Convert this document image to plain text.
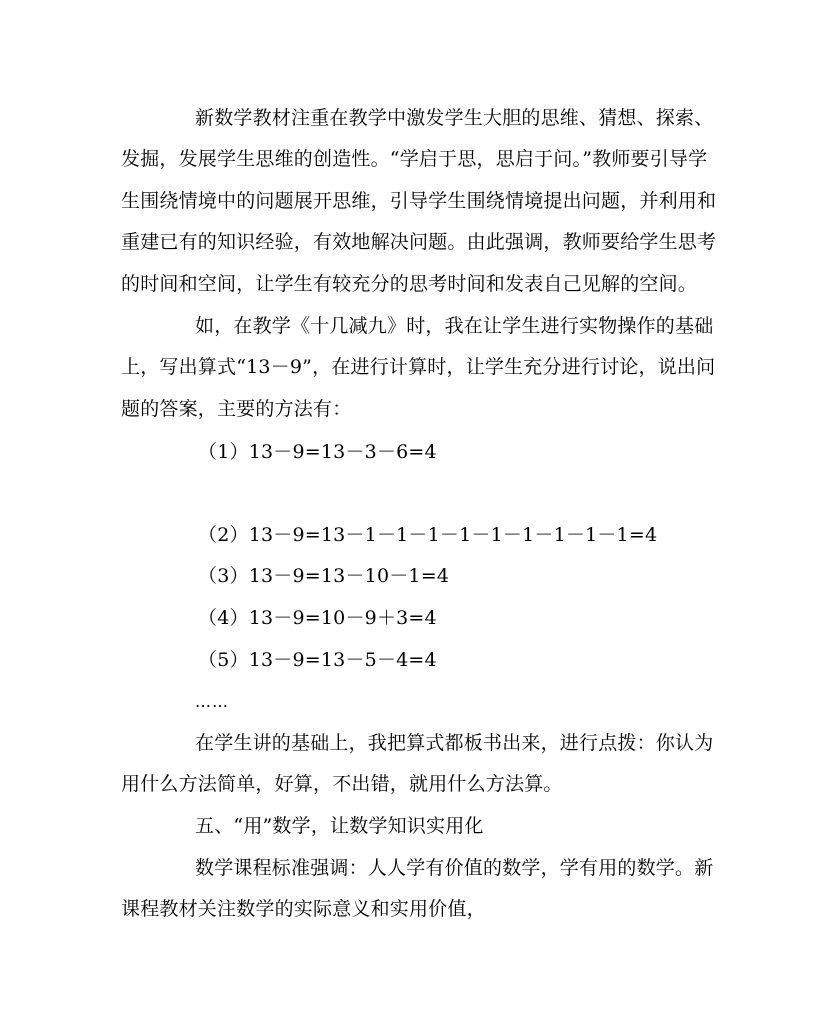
新数学教材注重在教学中激发学生大胆的思维、猜想、探索、
发掘，发展学生思维的创造性。“学启于思，思启于问。”教师要引导学
生围绕情境中的问题展开思维，引导学生围绕情境提出问题，并利用和
重建已有的知识经验，有效地解决问题。由此强调，教师要给学生思考
的时间和空间，让学生有较充分的思考时间和发表自己见解的空间。
如，在教学《十几减九》时，我在让学生进行实物操作的基础
上，写出算式“13－9”，在进行计算时，让学生充分进行讨论，说出问
题的答案，主要的方法有：
（1）13－9=13－3－6=4
（2）13－9=13－1－1－1－1－1－1－1－1－1=4
（3）13－9=13－10－1=4
（4）13－9=10－9＋3=4
（5）13－9=13－5－4=4
……
在学生讲的基础上，我把算式都板书出来，进行点拨：你认为
用什么方法简单，好算，不出错，就用什么方法算。
五、“用”数学，让数学知识实用化
数学课程标准强调：人人学有价值的数学，学有用的数学。新
课程教材关注数学的实际意义和实用价值，
